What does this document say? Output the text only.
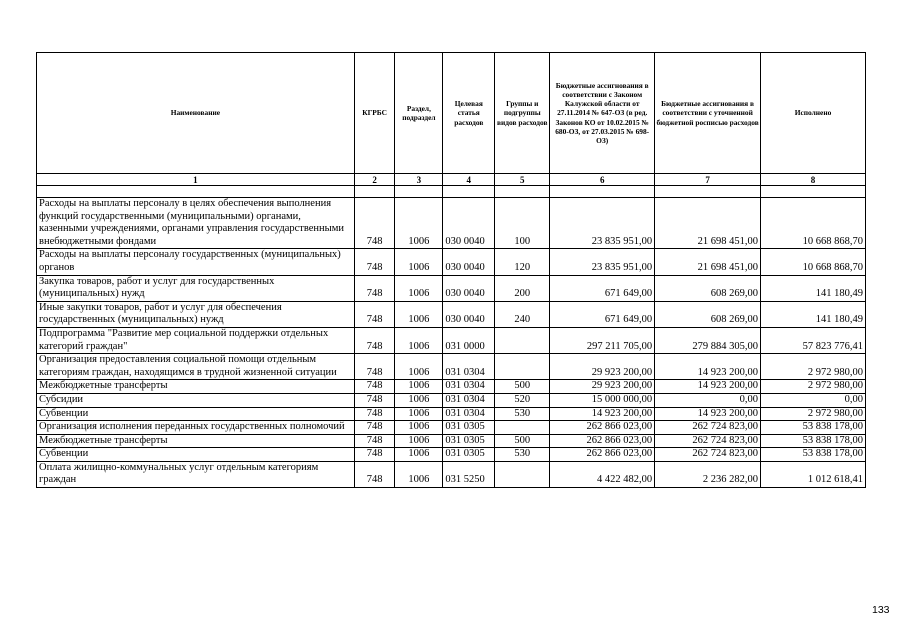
Наименование	КГРБС	Раздел, подраздел	Целевая статья расходов	Группы и подгруппы видов расходов	Бюджетные ассигнования в соответствии с Законом Калужской области от 27.11.2014 № 647-ОЗ (в ред. Законов КО от 10.02.2015 № 680-ОЗ, от 27.03.2015 № 698-ОЗ)	Бюджетные ассигнования в соответствии с уточненной бюджетной росписью расходов	Исполнено
1	2	3	4	5	6	7	8

Расходы на выплаты персоналу в целях обеспечения выполнения функций государственными (муниципальными) органами, казенными учреждениями, органами управления государственными внебюджетными фондами	748	1006	030 0040	100	23 835 951,00	21 698 451,00	10 668 868,70
Расходы на выплаты персоналу государственных (муниципальных) органов	748	1006	030 0040	120	23 835 951,00	21 698 451,00	10 668 868,70
Закупка товаров, работ и услуг для государственных (муниципальных) нужд	748	1006	030 0040	200	671 649,00	608 269,00	141 180,49
Иные закупки товаров, работ и услуг для обеспечения государственных (муниципальных) нужд	748	1006	030 0040	240	671 649,00	608 269,00	141 180,49
Подпрограмма "Развитие мер социальной поддержки отдельных категорий граждан"	748	1006	031 0000		297 211 705,00	279 884 305,00	57 823 776,41
Организация предоставления социальной помощи отдельным категориям граждан, находящимся в трудной жизненной ситуации	748	1006	031 0304		29 923 200,00	14 923 200,00	2 972 980,00
Межбюджетные трансферты	748	1006	031 0304	500	29 923 200,00	14 923 200,00	2 972 980,00
Субсидии	748	1006	031 0304	520	15 000 000,00	0,00	0,00
Субвенции	748	1006	031 0304	530	14 923 200,00	14 923 200,00	2 972 980,00
Организация исполнения переданных государственных полномочий	748	1006	031 0305		262 866 023,00	262 724 823,00	53 838 178,00
Межбюджетные трансферты	748	1006	031 0305	500	262 866 023,00	262 724 823,00	53 838 178,00
Субвенции	748	1006	031 0305	530	262 866 023,00	262 724 823,00	53 838 178,00
Оплата жилищно-коммунальных услуг отдельным категориям граждан	748	1006	031 5250		4 422 482,00	2 236 282,00	1 012 618,41
133
